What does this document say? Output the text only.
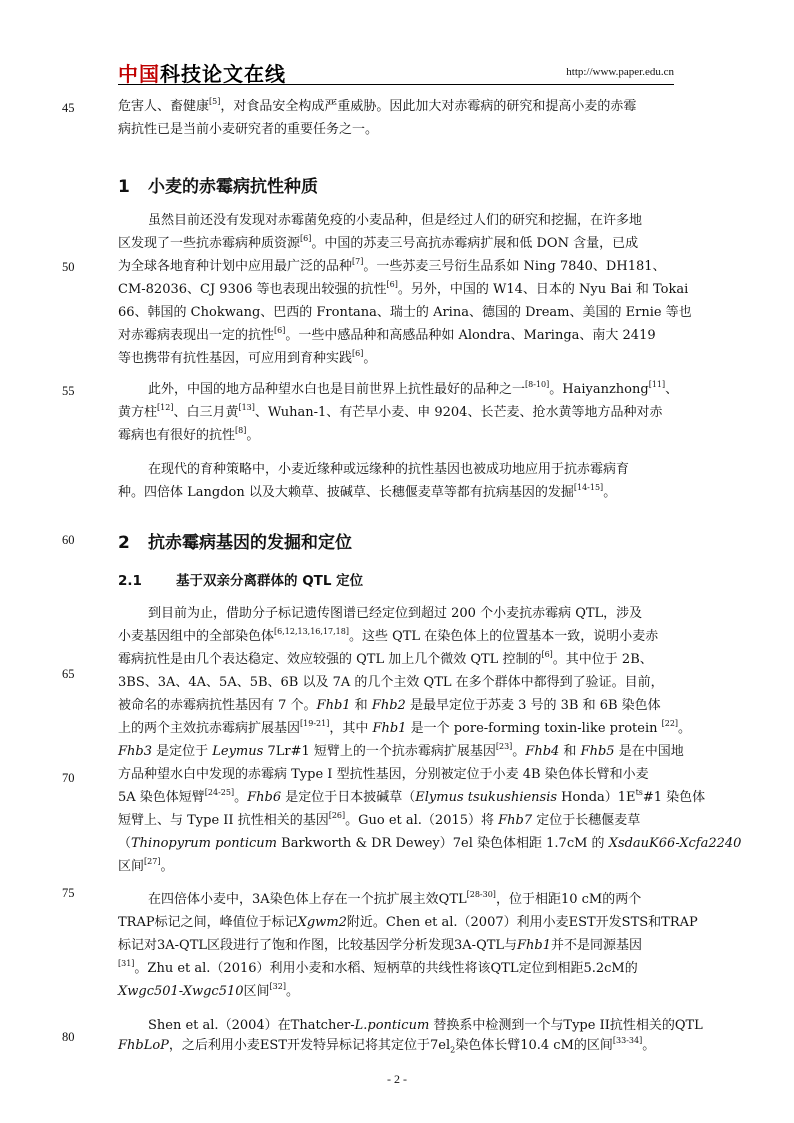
中国科技论文在线	http://www.paper.edu.cn
45
50
55
60
65
70
75
80
危害人、畜健康[5]，对食品安全构成严重威胁。因此加大对赤霉病的研究和提高小麦的赤霉
病抗性已是当前小麦研究者的重要任务之一。
1 小麦的赤霉病抗性种质
虽然目前还没有发现对赤霉菌免疫的小麦品种，但是经过人们的研究和挖掘，在许多地
区发现了一些抗赤霉病种质资源[6]。中国的苏麦三号高抗赤霉病扩展和低 DON 含量，已成
为全球各地育种计划中应用最广泛的品种[7]。一些苏麦三号衍生品系如 Ning 7840、DH181、
CM-82036、CJ 9306 等也表现出较强的抗性[6]。另外，中国的 W14、日本的 Nyu Bai 和 Tokai
66、韩国的 Chokwang、巴西的 Frontana、瑞士的 Arina、德国的 Dream、美国的 Ernie 等也
对赤霉病表现出一定的抗性[6]。一些中感品种和高感品种如 Alondra、Maringa、南大 2419
等也携带有抗性基因，可应用到育种实践[6]。
此外，中国的地方品种望水白也是目前世界上抗性最好的品种之一[8-10]。Haiyanzhong[11]、
黄方柱[12]、白三月黄[13]、Wuhan-1、有芒早小麦、申 9204、长芒麦、抢水黄等地方品种对赤
霉病也有很好的抗性[8]。
在现代的育种策略中，小麦近缘种或远缘种的抗性基因也被成功地应用于抗赤霉病育
种。四倍体 Langdon 以及大赖草、披碱草、长穗偃麦草等都有抗病基因的发掘[14-15]。
2 抗赤霉病基因的发掘和定位
2.1	基于双亲分离群体的 QTL 定位
到目前为止，借助分子标记遗传图谱已经定位到超过 200 个小麦抗赤霉病 QTL，涉及
小麦基因组中的全部染色体[6,12,13,16,17,18]。这些 QTL 在染色体上的位置基本一致，说明小麦赤
霉病抗性是由几个表达稳定、效应较强的 QTL 加上几个微效 QTL 控制的[6]。其中位于 2B、
3BS、3A、4A、5A、5B、6B 以及 7A 的几个主效 QTL 在多个群体中都得到了验证。目前，
被命名的赤霉病抗性基因有 7 个。Fhb1 和 Fhb2 是最早定位于苏麦 3 号的 3B 和 6B 染色体
上的两个主效抗赤霉病扩展基因[19-21]，其中 Fhb1 是一个 pore-forming toxin-like protein [22]。
Fhb3 是定位于 Leymus 7Lr#1 短臂上的一个抗赤霉病扩展基因[23]。Fhb4 和 Fhb5 是在中国地
方品种望水白中发现的赤霉病 Type I 型抗性基因，分别被定位于小麦 4B 染色体长臂和小麦
5A 染色体短臂[24-25]。Fhb6 是定位于日本披碱草（Elymus tsukushiensis $Honda)1E^{ts}\#1$ 染色体
短臂上、与 Type II 抗性相关的基因[26]。Guo et al.（2015）将 Fhb7 定位于长穗偃麦草
（Thinopyrum ponticum Barkworth & DR Dewey）7el 染色体相距 1.7cM 的 XsdauK66-Xcfa2240
区间[27]。
在四倍体小麦中，3A染色体上存在一个抗扩展主效QTL[28-30]，位于相距10 cM的两个
TRAP标记之间，峰值位于标记Xgwm2附近。Chen et al.（2007）利用小麦EST开发STS和TRAP
标记对3A-QTL区段进行了饱和作图，比较基因学分析发现3A-QTL与Fhb1并不是同源基因
[31]。Zhu et al.（2016）利用小麦和水稻、短柄草的共线性将该QTL定位到相距5.2cM的
Xwgc501-Xwgc510区间[32]。
Shen et al.（2004）在Thatcher-L.ponticum 替换系中检测到一个与Type II抗性相关的QTL
FhbLoP，之后利用小麦EST开发特异标记将其定位于$7el_2$染色体长臂10.4 cM的区间[33-34]。
- 2 -
